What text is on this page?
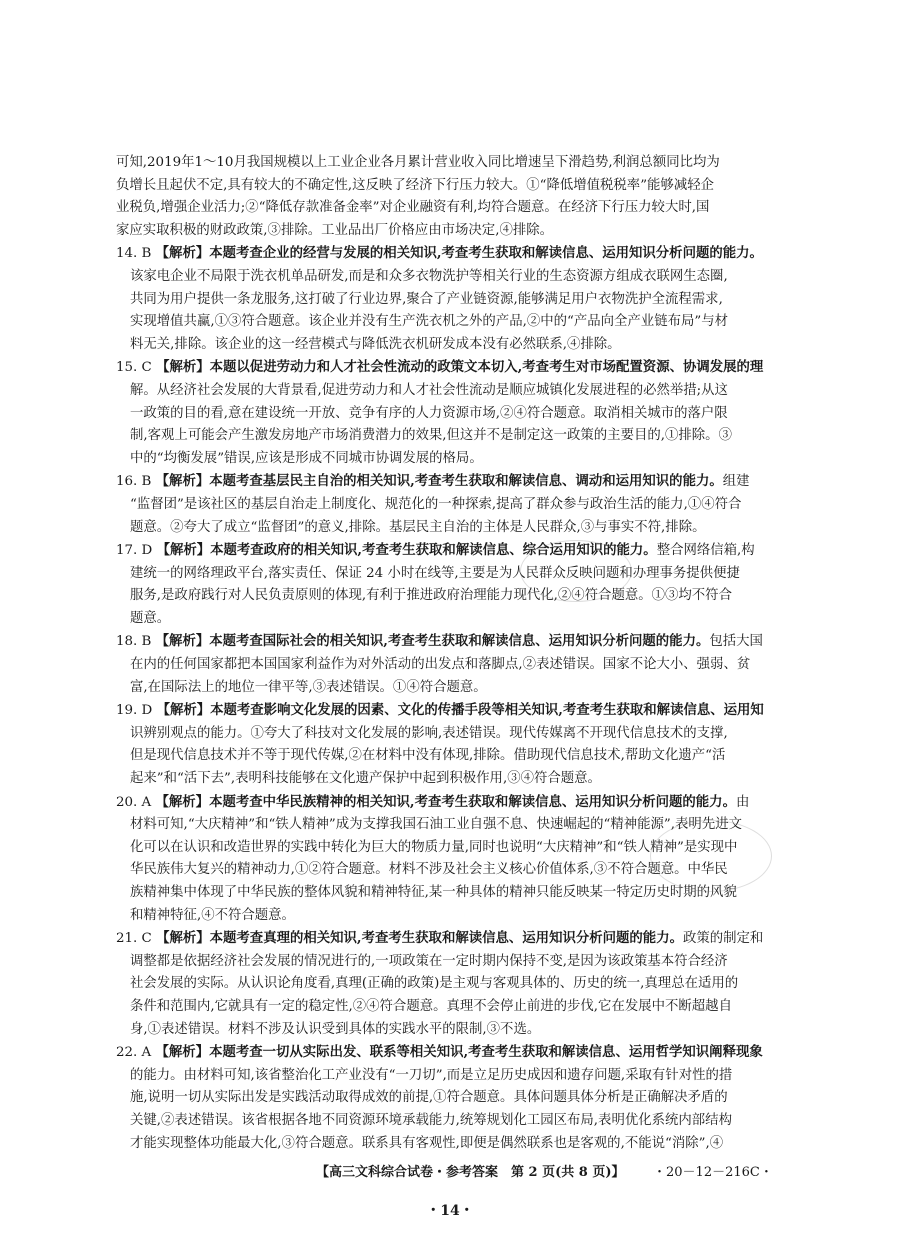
可知,2019年1～10月我国规模以上工业企业各月累计营业收入同比增速呈下滑趋势,利润总额同比均为
负增长且起伏不定,具有较大的不确定性,这反映了经济下行压力较大。①“降低增值税税率”能够减轻企
业税负,增强企业活力;②“降低存款准备金率”对企业融资有利,均符合题意。在经济下行压力较大时,国
家应实取积极的财政政策,③排除。工业品出厂价格应由市场决定,④排除。
14. B 【解析】本题考查企业的经营与发展的相关知识,考查考生获取和解读信息、运用知识分析问题的能力。
该家电企业不局限于洗衣机单品研发,而是和众多衣物洗护等相关行业的生态资源方组成衣联网生态圈,
共同为用户提供一条龙服务,这打破了行业边界,聚合了产业链资源,能够满足用户衣物洗护全流程需求,
实现增值共赢,①③符合题意。该企业并没有生产洗衣机之外的产品,②中的“产品向全产业链布局”与材
料无关,排除。该企业的这一经营模式与降低洗衣机研发成本没有必然联系,④排除。
15. C 【解析】本题以促进劳动力和人才社会性流动的政策文本切入,考查考生对市场配置资源、协调发展的理
解。从经济社会发展的大背景看,促进劳动力和人才社会性流动是顺应城镇化发展进程的必然举措;从这
一政策的目的看,意在建设统一开放、竞争有序的人力资源市场,②④符合题意。取消相关城市的落户限
制,客观上可能会产生激发房地产市场消费潜力的效果,但这并不是制定这一政策的主要目的,①排除。③
中的“均衡发展”错误,应该是形成不同城市协调发展的格局。
16. B 【解析】本题考查基层民主自治的相关知识,考查考生获取和解读信息、调动和运用知识的能力。组建
“监督团”是该社区的基层自治走上制度化、规范化的一种探索,提高了群众参与政治生活的能力,①④符合
题意。②夸大了成立“监督团”的意义,排除。基层民主自治的主体是人民群众,③与事实不符,排除。
17. D 【解析】本题考查政府的相关知识,考查考生获取和解读信息、综合运用知识的能力。整合网络信箱,构
建统一的网络理政平台,落实责任、保证 24 小时在线等,主要是为人民群众反映问题和办理事务提供便捷
服务,是政府践行对人民负责原则的体现,有利于推进政府治理能力现代化,②④符合题意。①③均不符合
题意。
18. B 【解析】本题考查国际社会的相关知识,考查考生获取和解读信息、运用知识分析问题的能力。包括大国
在内的任何国家都把本国国家利益作为对外活动的出发点和落脚点,②表述错误。国家不论大小、强弱、贫
富,在国际法上的地位一律平等,③表述错误。①④符合题意。
19. D 【解析】本题考查影响文化发展的因素、文化的传播手段等相关知识,考查考生获取和解读信息、运用知
识辨别观点的能力。①夸大了科技对文化发展的影响,表述错误。现代传媒离不开现代信息技术的支撑,
但是现代信息技术并不等于现代传媒,②在材料中没有体现,排除。借助现代信息技术,帮助文化遗产“活
起来”和“活下去”,表明科技能够在文化遗产保护中起到积极作用,③④符合题意。
20. A 【解析】本题考查中华民族精神的相关知识,考查考生获取和解读信息、运用知识分析问题的能力。由
材料可知,“大庆精神”和“铁人精神”成为支撑我国石油工业自强不息、快速崛起的“精神能源”,表明先进文
化可以在认识和改造世界的实践中转化为巨大的物质力量,同时也说明“大庆精神”和“铁人精神”是实现中
华民族伟大复兴的精神动力,①②符合题意。材料不涉及社会主义核心价值体系,③不符合题意。中华民
族精神集中体现了中华民族的整体风貌和精神特征,某一种具体的精神只能反映某一特定历史时期的风貌
和精神特征,④不符合题意。
21. C 【解析】本题考查真理的相关知识,考查考生获取和解读信息、运用知识分析问题的能力。政策的制定和
调整都是依据经济社会发展的情况进行的,一项政策在一定时期内保持不变,是因为该政策基本符合经济
社会发展的实际。从认识论角度看,真理(正确的政策)是主观与客观具体的、历史的统一,真理总在适用的
条件和范围内,它就具有一定的稳定性,②④符合题意。真理不会停止前进的步伐,它在发展中不断超越自
身,①表述错误。材料不涉及认识受到具体的实践水平的限制,③不选。
22. A 【解析】本题考查一切从实际出发、联系等相关知识,考查考生获取和解读信息、运用哲学知识阐释现象
的能力。由材料可知,该省整治化工产业没有“一刀切”,而是立足历史成因和遗存问题,采取有针对性的措
施,说明一切从实际出发是实践活动取得成效的前提,①符合题意。具体问题具体分析是正确解决矛盾的
关键,②表述错误。该省根据各地不同资源环境承载能力,统筹规划化工园区布局,表明优化系统内部结构
才能实现整体功能最大化,③符合题意。联系具有客观性,即便是偶然联系也是客观的,不能说“消除”,④
【高三文科综合试卷・参考答案　第 2 页(共 8 页)】 ・20－12－216C・
・14・
